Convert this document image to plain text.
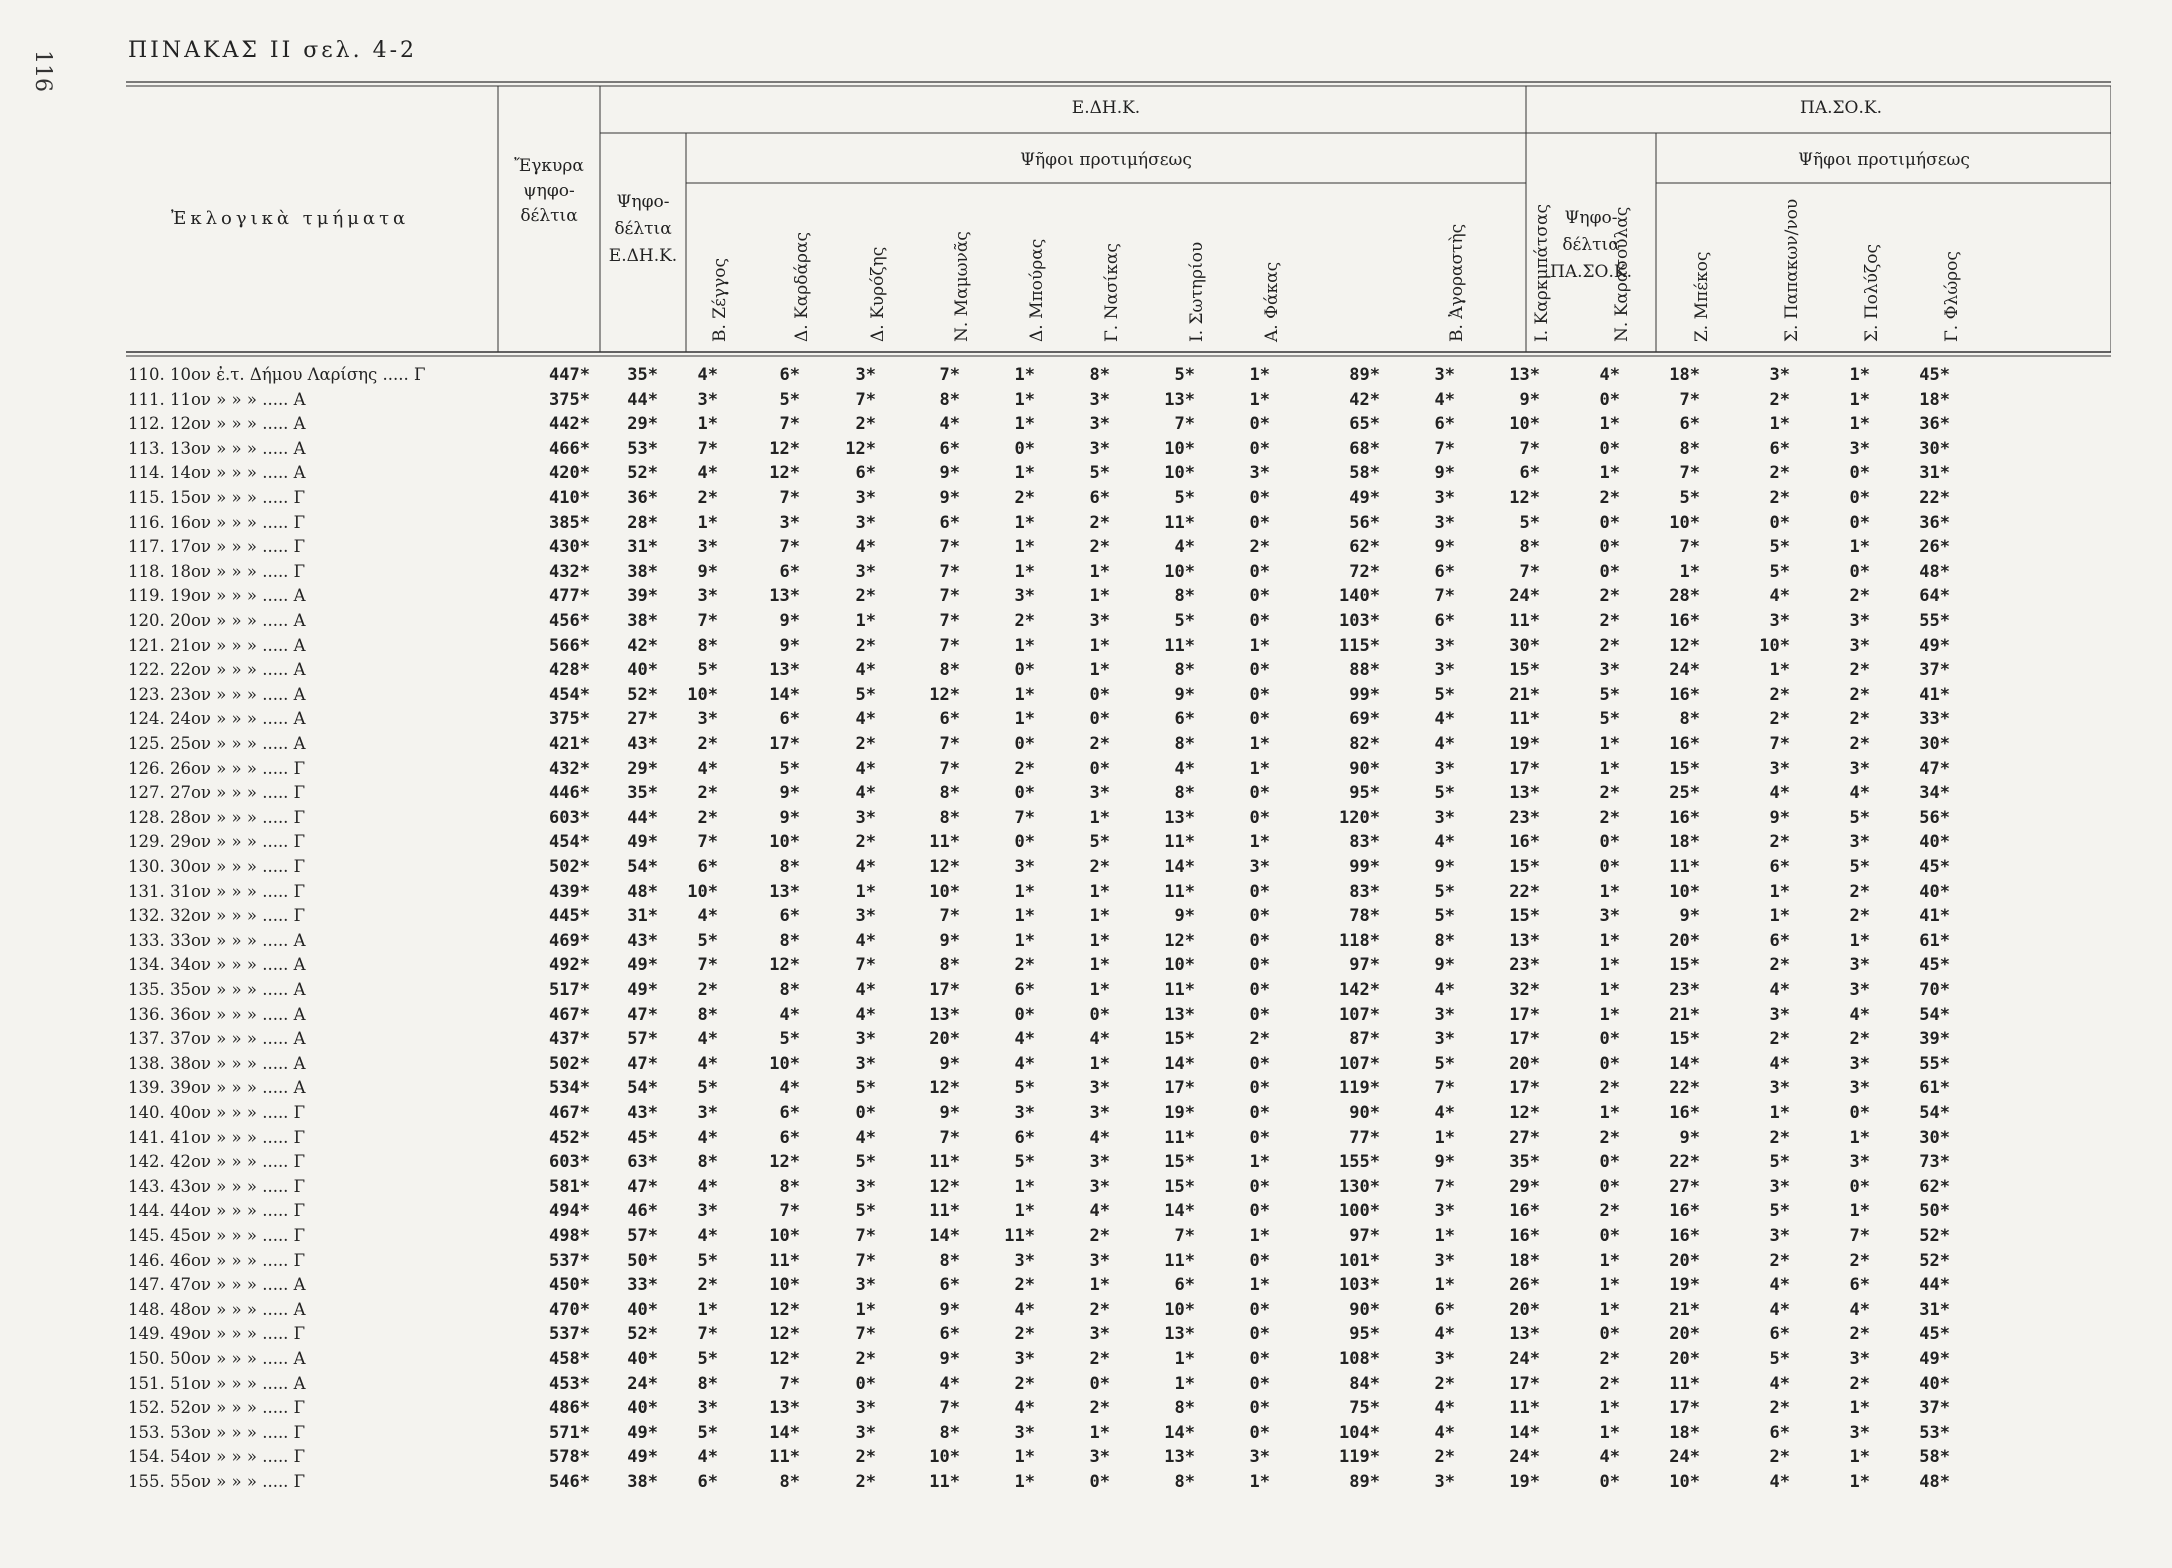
116	ΠΙΝΑΚΑΣ ΙΙ σελ. 4-2
Ἐκλογικὰ τμήματα
Ἔγκυρα
ψηφο-
δέλτια
Ε.ΔΗ.Κ.	ΠΑ.ΣΟ.Κ.
Ψῆφοι προτιμήσεως	Ψῆφοι προτιμήσεως
Ψηφο-
δέλτια
Ε.ΔΗ.Κ.
Ψηφο-
δέλτια
ΠΑ.ΣΟ.Κ.
Β. Ζέγγος	Δ. Καρδάρας	Δ. Κυρόζης	Ν. Μαμωνᾶς	Δ. Μπούρας	Γ. Νασίκας	Ι. Σωτηρίου	Α. Φάκας	Β. Ἀγοραστὴς	Ι. Καρκμπάτσας	Ν. Καρασούλας	Ζ. Μπέκος	Σ. Παπακων/νου	Σ. Πολύζος	Γ. Φλώρος
110. 10ον ἐ.τ. Δήμου Λαρίσης ..... Γ	447*	35*	4*	6*	3*	7*	1*	8*	5*	1*	89*	3*	13*	4*	18*	3*	1*	45*
111. 11ον » » » ..... Α	375*	44*	3*	5*	7*	8*	1*	3*	13*	1*	42*	4*	9*	0*	7*	2*	1*	18*
112. 12ον » » » ..... Α	442*	29*	1*	7*	2*	4*	1*	3*	7*	0*	65*	6*	10*	1*	6*	1*	1*	36*
113. 13ον » » » ..... Α	466*	53*	7*	12*	12*	6*	0*	3*	10*	0*	68*	7*	7*	0*	8*	6*	3*	30*
114. 14ον » » » ..... Α	420*	52*	4*	12*	6*	9*	1*	5*	10*	3*	58*	9*	6*	1*	7*	2*	0*	31*
115. 15ον » » » ..... Γ	410*	36*	2*	7*	3*	9*	2*	6*	5*	0*	49*	3*	12*	2*	5*	2*	0*	22*
116. 16ον » » » ..... Γ	385*	28*	1*	3*	3*	6*	1*	2*	11*	0*	56*	3*	5*	0*	10*	0*	0*	36*
117. 17ον » » » ..... Γ	430*	31*	3*	7*	4*	7*	1*	2*	4*	2*	62*	9*	8*	0*	7*	5*	1*	26*
118. 18ον » » » ..... Γ	432*	38*	9*	6*	3*	7*	1*	1*	10*	0*	72*	6*	7*	0*	1*	5*	0*	48*
119. 19ον » » » ..... Α	477*	39*	3*	13*	2*	7*	3*	1*	8*	0*	140*	7*	24*	2*	28*	4*	2*	64*
120. 20ον » » » ..... Α	456*	38*	7*	9*	1*	7*	2*	3*	5*	0*	103*	6*	11*	2*	16*	3*	3*	55*
121. 21ον » » » ..... Α	566*	42*	8*	9*	2*	7*	1*	1*	11*	1*	115*	3*	30*	2*	12*	10*	3*	49*
122. 22ον » » » ..... Α	428*	40*	5*	13*	4*	8*	0*	1*	8*	0*	88*	3*	15*	3*	24*	1*	2*	37*
123. 23ον » » » ..... Α	454*	52*	10*	14*	5*	12*	1*	0*	9*	0*	99*	5*	21*	5*	16*	2*	2*	41*
124. 24ον » » » ..... Α	375*	27*	3*	6*	4*	6*	1*	0*	6*	0*	69*	4*	11*	5*	8*	2*	2*	33*
125. 25ον » » » ..... Α	421*	43*	2*	17*	2*	7*	0*	2*	8*	1*	82*	4*	19*	1*	16*	7*	2*	30*
126. 26ον » » » ..... Γ	432*	29*	4*	5*	4*	7*	2*	0*	4*	1*	90*	3*	17*	1*	15*	3*	3*	47*
127. 27ον » » » ..... Γ	446*	35*	2*	9*	4*	8*	0*	3*	8*	0*	95*	5*	13*	2*	25*	4*	4*	34*
128. 28ον » » » ..... Γ	603*	44*	2*	9*	3*	8*	7*	1*	13*	0*	120*	3*	23*	2*	16*	9*	5*	56*
129. 29ον » » » ..... Γ	454*	49*	7*	10*	2*	11*	0*	5*	11*	1*	83*	4*	16*	0*	18*	2*	3*	40*
130. 30ον » » » ..... Γ	502*	54*	6*	8*	4*	12*	3*	2*	14*	3*	99*	9*	15*	0*	11*	6*	5*	45*
131. 31ον » » » ..... Γ	439*	48*	10*	13*	1*	10*	1*	1*	11*	0*	83*	5*	22*	1*	10*	1*	2*	40*
132. 32ον » » » ..... Γ	445*	31*	4*	6*	3*	7*	1*	1*	9*	0*	78*	5*	15*	3*	9*	1*	2*	41*
133. 33ον » » » ..... Α	469*	43*	5*	8*	4*	9*	1*	1*	12*	0*	118*	8*	13*	1*	20*	6*	1*	61*
134. 34ον » » » ..... Α	492*	49*	7*	12*	7*	8*	2*	1*	10*	0*	97*	9*	23*	1*	15*	2*	3*	45*
135. 35ον » » » ..... Α	517*	49*	2*	8*	4*	17*	6*	1*	11*	0*	142*	4*	32*	1*	23*	4*	3*	70*
136. 36ον » » » ..... Α	467*	47*	8*	4*	4*	13*	0*	0*	13*	0*	107*	3*	17*	1*	21*	3*	4*	54*
137. 37ον » » » ..... Α	437*	57*	4*	5*	3*	20*	4*	4*	15*	2*	87*	3*	17*	0*	15*	2*	2*	39*
138. 38ον » » » ..... Α	502*	47*	4*	10*	3*	9*	4*	1*	14*	0*	107*	5*	20*	0*	14*	4*	3*	55*
139. 39ον » » » ..... Α	534*	54*	5*	4*	5*	12*	5*	3*	17*	0*	119*	7*	17*	2*	22*	3*	3*	61*
140. 40ον » » » ..... Γ	467*	43*	3*	6*	0*	9*	3*	3*	19*	0*	90*	4*	12*	1*	16*	1*	0*	54*
141. 41ον » » » ..... Γ	452*	45*	4*	6*	4*	7*	6*	4*	11*	0*	77*	1*	27*	2*	9*	2*	1*	30*
142. 42ον » » » ..... Γ	603*	63*	8*	12*	5*	11*	5*	3*	15*	1*	155*	9*	35*	0*	22*	5*	3*	73*
143. 43ον » » » ..... Γ	581*	47*	4*	8*	3*	12*	1*	3*	15*	0*	130*	7*	29*	0*	27*	3*	0*	62*
144. 44ον » » » ..... Γ	494*	46*	3*	7*	5*	11*	1*	4*	14*	0*	100*	3*	16*	2*	16*	5*	1*	50*
145. 45ον » » » ..... Γ	498*	57*	4*	10*	7*	14*	11*	2*	7*	1*	97*	1*	16*	0*	16*	3*	7*	52*
146. 46ον » » » ..... Γ	537*	50*	5*	11*	7*	8*	3*	3*	11*	0*	101*	3*	18*	1*	20*	2*	2*	52*
147. 47ον » » » ..... Α	450*	33*	2*	10*	3*	6*	2*	1*	6*	1*	103*	1*	26*	1*	19*	4*	6*	44*
148. 48ον » » » ..... Α	470*	40*	1*	12*	1*	9*	4*	2*	10*	0*	90*	6*	20*	1*	21*	4*	4*	31*
149. 49ον » » » ..... Γ	537*	52*	7*	12*	7*	6*	2*	3*	13*	0*	95*	4*	13*	0*	20*	6*	2*	45*
150. 50ον » » » ..... Α	458*	40*	5*	12*	2*	9*	3*	2*	1*	0*	108*	3*	24*	2*	20*	5*	3*	49*
151. 51ον » » » ..... Α	453*	24*	8*	7*	0*	4*	2*	0*	1*	0*	84*	2*	17*	2*	11*	4*	2*	40*
152. 52ον » » » ..... Γ	486*	40*	3*	13*	3*	7*	4*	2*	8*	0*	75*	4*	11*	1*	17*	2*	1*	37*
153. 53ον » » » ..... Γ	571*	49*	5*	14*	3*	8*	3*	1*	14*	0*	104*	4*	14*	1*	18*	6*	3*	53*
154. 54ον » » » ..... Γ	578*	49*	4*	11*	2*	10*	1*	3*	13*	3*	119*	2*	24*	4*	24*	2*	1*	58*
155. 55ον » » » ..... Γ	546*	38*	6*	8*	2*	11*	1*	0*	8*	1*	89*	3*	19*	0*	10*	4*	1*	48*
